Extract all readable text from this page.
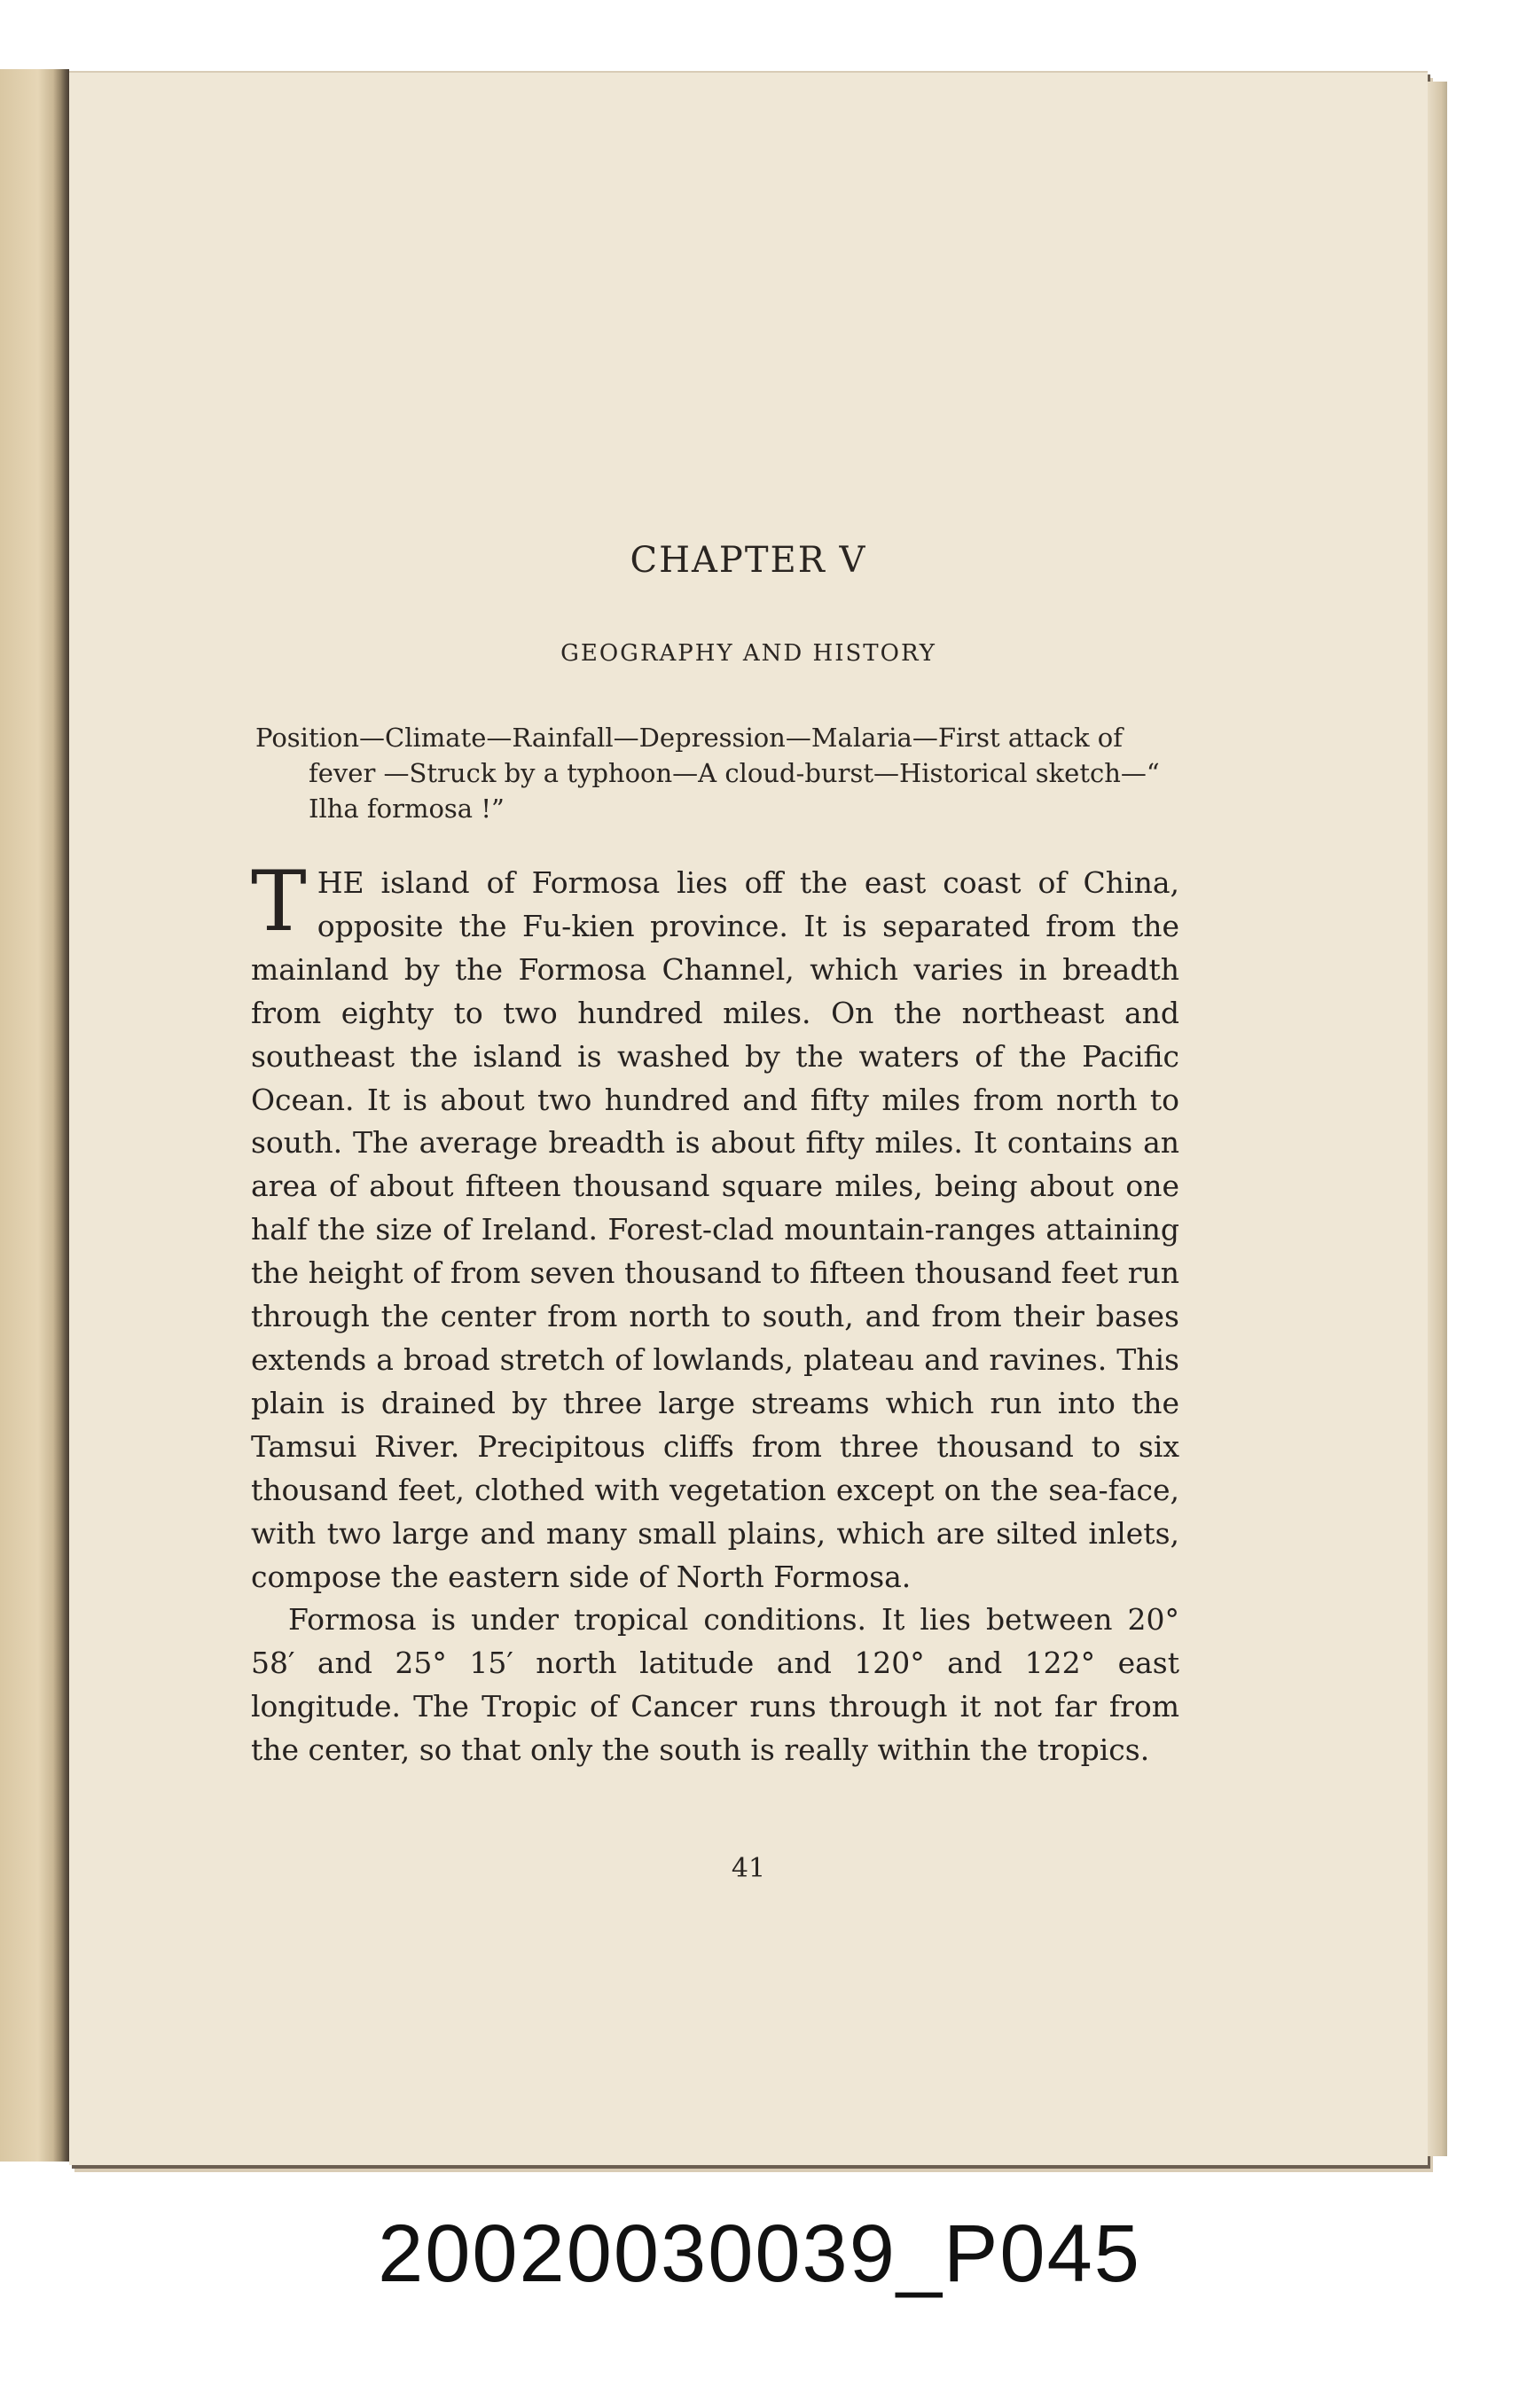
CHAPTER V
GEOGRAPHY AND HISTORY
Position—Climate—Rainfall—Depression—Malaria—First attack of fever —Struck by a typhoon—A cloud-burst—Historical sketch—“ Ilha formosa !”

THE island of Formosa lies off the east coast of China, opposite the Fu-kien province. It is separated from the mainland by the Formosa Channel, which varies in breadth from eighty to two hundred miles. On the northeast and southeast the island is washed by the waters of the Pacific Ocean. It is about two hundred and fifty miles from north to south. The average breadth is about fifty miles. It contains an area of about fifteen thousand square miles, being about one half the size of Ireland. Forest-clad mountain-ranges attaining the height of from seven thousand to fifteen thousand feet run through the center from north to south, and from their bases extends a broad stretch of lowlands, plateau and ravines. This plain is drained by three large streams which run into the Tamsui River. Precipitous cliffs from three thousand to six thousand feet, clothed with vegetation except on the sea-face, with two large and many small plains, which are silted inlets, compose the eastern side of North Formosa.

Formosa is under tropical conditions. It lies between 20° 58′ and 25° 15′ north latitude and 120° and 122° east longitude. The Tropic of Cancer runs through it not far from the center, so that only the south is really within the tropics.

41
20020030039_P045
